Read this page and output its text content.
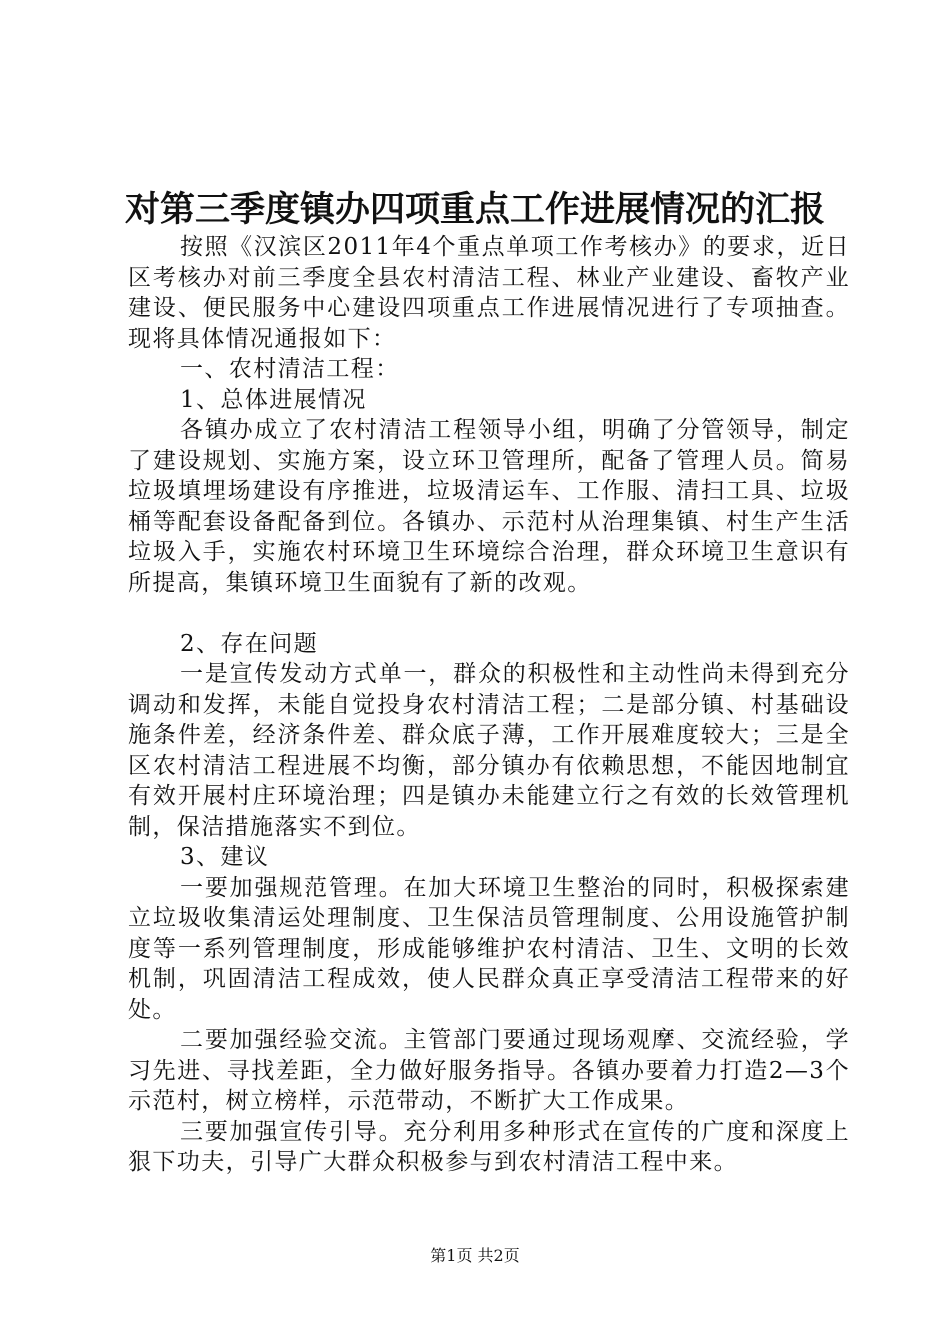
对第三季度镇办四项重点工作进展情况的汇报

按照《汉滨区2011年4个重点单项工作考核办》的要求，近日区考核办对前三季度全县农村清洁工程、林业产业建设、畜牧产业建设、便民服务中心建设四项重点工作进展情况进行了专项抽查。现将具体情况通报如下：

一、农村清洁工程：

1、总体进展情况

各镇办成立了农村清洁工程领导小组，明确了分管领导，制定了建设规划、实施方案，设立环卫管理所，配备了管理人员。简易垃圾填埋场建设有序推进，垃圾清运车、工作服、清扫工具、垃圾桶等配套设备配备到位。各镇办、示范村从治理集镇、村生产生活垃圾入手，实施农村环境卫生环境综合治理，群众环境卫生意识有所提高，集镇环境卫生面貌有了新的改观。

2、存在问题

一是宣传发动方式单一，群众的积极性和主动性尚未得到充分调动和发挥，未能自觉投身农村清洁工程；二是部分镇、村基础设施条件差，经济条件差、群众底子薄，工作开展难度较大；三是全区农村清洁工程进展不均衡，部分镇办有依赖思想，不能因地制宜有效开展村庄环境治理；四是镇办未能建立行之有效的长效管理机制，保洁措施落实不到位。

3、建议

一要加强规范管理。在加大环境卫生整治的同时，积极探索建立垃圾收集清运处理制度、卫生保洁员管理制度、公用设施管护制度等一系列管理制度，形成能够维护农村清洁、卫生、文明的长效机制，巩固清洁工程成效，使人民群众真正享受清洁工程带来的好处。

二要加强经验交流。主管部门要通过现场观摩、交流经验，学习先进、寻找差距，全力做好服务指导。各镇办要着力打造2—3个示范村，树立榜样，示范带动，不断扩大工作成果。

三要加强宣传引导。充分利用多种形式在宣传的广度和深度上狠下功夫，引导广大群众积极参与到农村清洁工程中来。

第1页 共2页
